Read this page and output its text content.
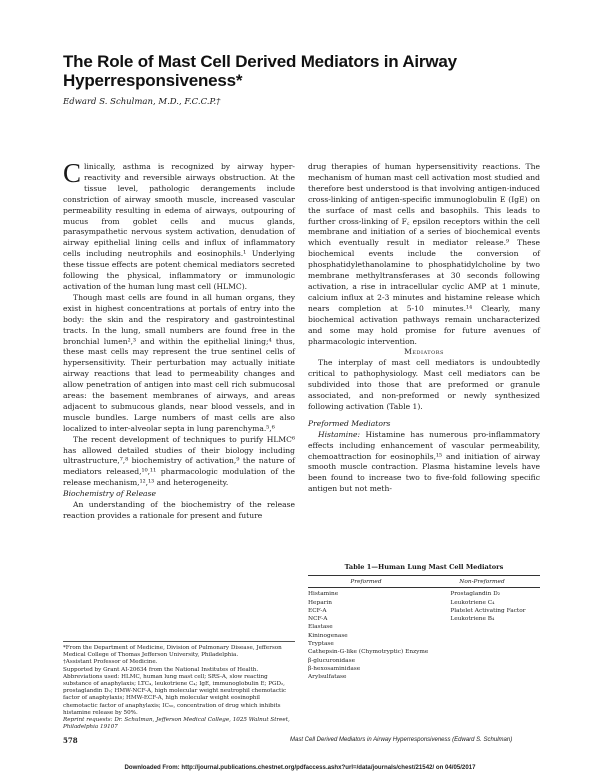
The Role of Mast Cell Derived Mediators in Airway Hyperresponsiveness*
Edward S. Schulman, M.D., F.C.C.P.†

Clinically, asthma is recognized by airway hyper-reactivity and reversible airways obstruction. At the tissue level, pathologic derangements include constriction of airway smooth muscle, increased vascular permeability resulting in edema of airways, outpouring of mucus from goblet cells and mucus glands, parasympathetic nervous system activation, denudation of airway epithelial lining cells and influx of inflammatory cells including neutrophils and eosinophils.¹ Underlying these tissue effects are potent chemical mediators secreted following the physical, inflammatory or immunologic activation of the human lung mast cell (HLMC).

Though mast cells are found in all human organs, they exist in highest concentrations at portals of entry into the body: the skin and the respiratory and gastrointestinal tracts. In the lung, small numbers are found free in the bronchial lumen²,³ and within the epithelial lining;⁴ thus, these mast cells may represent the true sentinel cells of hypersensitivity. Their perturbation may actually initiate airway reactions that lead to permeability changes and allow penetration of antigen into mast cell rich submucosal areas: the basement membranes of airways, and areas adjacent to submucous glands, near blood vessels, and in muscle bundles. Large numbers of mast cells are also localized to inter-alveolar septa in lung parenchyma.⁵,⁶

The recent development of techniques to purify HLMC⁶ has allowed detailed studies of their biology including ultrastructure,⁷,⁸ biochemistry of activation,⁹ the nature of mediators released,¹⁰,¹¹ pharmacologic modulation of the release mechanism,¹²,¹³ and heterogeneity.

Biochemistry of Release

An understanding of the biochemistry of the release reaction provides a rationale for present and future

*From the Department of Medicine, Division of Pulmonary Disease, Jefferson Medical College of Thomas Jefferson University, Philadelphia.

†Assistant Professor of Medicine.

Supported by Grant AI-20634 from the National Institutes of Health.

Abbreviations used: HLMC, human lung mast cell; SRS-A, slow reacting substance of anaphylaxis; LTC₄, leukotriene C₄; IgE, immunoglobulin E; PGD₂, prostaglandin D₂; HMW-NCF-A, high molecular weight neutrophil chemotactic factor of anaphylaxis; HMW-ECF-A, high molecular weight eosinophil chemotactic factor of anaphylaxis; IC₅₀, concentration of drug which inhibits histamine release by 50%.

Reprint requests: Dr. Schulman, Jefferson Medical College, 1025 Walnut Street, Philadelphia 19107

drug therapies of human hypersensitivity reactions. The mechanism of human mast cell activation most studied and therefore best understood is that involving antigen-induced cross-linking of antigen-specific immunoglobulin E (IgE) on the surface of mast cells and basophils. This leads to further cross-linking of F꜀ epsilon receptors within the cell membrane and initiation of a series of biochemical events which eventually result in mediator release.⁹ These biochemical events include the conversion of phosphatidylethanolamine to phosphatidylcholine by two membrane methyltransferases at 30 seconds following activation, a rise in intracellular cyclic AMP at 1 minute, calcium influx at 2-3 minutes and histamine release which nears completion at 5-10 minutes.¹⁴ Clearly, many biochemical activation pathways remain uncharacterized and some may hold promise for future avenues of pharmacologic intervention.

Mediators

The interplay of mast cell mediators is undoubtedly critical to pathophysiology. Mast cell mediators can be subdivided into those that are preformed or granule associated, and non-preformed or newly synthesized following activation (Table 1).

Preformed Mediators

Histamine: Histamine has numerous pro-inflammatory effects including enhancement of vascular permeability, chemoattraction for eosinophils,¹⁵ and initiation of airway smooth muscle contraction. Plasma histamine levels have been found to increase two to five-fold following specific antigen but not meth-

Table 1—Human Lung Mast Cell Mediators
Preformed	Non-Preformed
Histamine
Heparin
ECF-A
NCF-A
Elastase
Kininogenase
Tryptase
Cathepsin-G-like (Chymotryptic) Enzyme
β-glucuronidase
β-hexosaminidase
Arylsulfatase
Prostaglandin D₂
Leukotriene C₄
Platelet Activating Factor
Leukotriene B₄
578	Mast Cell Derived Mediators in Airway Hyperresponsiveness (Edward S. Schulman)
Downloaded From: http://journal.publications.chestnet.org/pdfaccess.ashx?url=/data/journals/chest/21542/ on 04/05/2017
